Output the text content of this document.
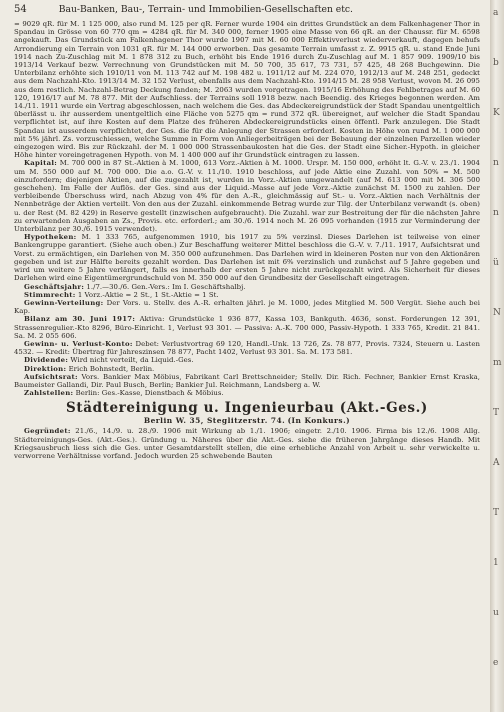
54	Bau-Banken, Bau-, Terrain- und Immobilien-Gesellschaften etc.

= 9029 qR. für M. 1 125 000, also rund M. 125 per qR. Ferner wurde 1904 ein drittes Grundstück an dem Falkenhagener Thor in Spandau in Grösse von 60 770 qm = 4284 qR. für M. 340 000, ferner 1905 eine Masse von 66 qR. an der Chaussr. für M. 6598 angekauft. Das Grundstück am Falkenhagener Thor wurde 1907 mit M. 60 000 Effektivverlust wiederverkauft, dagegen behufs Arrondierung ein Terrain von 1031 qR. für M. 144 000 erworben. Das gesamte Terrain umfasst z. Z. 9915 qR. u. stand Ende Juni 1914 nach Zu-Zuschlag mit M. 1 878 312 zu Buch, erhöht bis Ende 1916 durch Zu-Zuschlag auf M. 1 857 909. 1909/10 bis 1913/14 Verkauf bezw. Verrechnung von Grundstücken mit M. 50 700, 35 617, 73 731, 57 425, 48 268 Buchgewinn. Die Unterbilanz erhöhte sich 1910/11 von M. 113 742 auf M. 198 482 u. 1911/12 auf M. 224 070, 1912/13 auf M. 248 251, gedeckt aus dem Nachzahl-Kto. 1913/14 M. 32 152 Verlust, ebenfalls aus dem Nachzahl-Kto. 1914/15 M. 28 958 Verlust, wovon M. 26 095 aus dem restlich. Nachzahl-Betrag Deckung fanden; M. 2063 wurden vorgetragen. 1915/16 Erhöhung des Fehlbetrages auf M. 60 120, 1916/17 auf M. 78 877. Mit der Aufschliess. der Terrains soll 1918 bezw. nach Beendig. des Krieges begonnen werden. Am 14./11. 1911 wurde ein Vertrag abgeschlossen, nach welchem die Ges. das Abdeckereigrundstück der Stadt Spandau unentgeltlich überlässt u. ihr ausserdem unentgeltlich eine Fläche von 5275 qm = rund 372 qR. übereignet, auf welcher die Stadt Spandau verpflichtet ist, auf ihre Kosten auf dem Platze des früheren Abdeckereigrundstücks einen öffentl. Park anzulegen. Die Stadt Spandau ist ausserdem verpflichtet, der Ges. die für die Anlegung der Strassen erforderl. Kosten in Höhe von rund M. 1 000 000 mit 5% jährl. Zs. vorzuschiessen, welche Summe in Form von Anliegerbeiträgen bei der Bebauung der einzelnen Parzellen wieder eingezogen wird. Bis zur Rückzahl. der M. 1 000 000 Strassenbaukosten hat die Ges. der Stadt eine Sicher.-Hypoth. in gleicher Höhe hinter voreingetragenen Hypoth. von M. 1 400 000 auf ihr Grundstück eintragen zu lassen.

Kapital: M. 700 000 in 87 St.-Aktien à M. 1000, 613 Vorz.-Aktien à M. 1000. Urspr. M. 150 000, erhöht lt. G.-V. v. 23./1. 1904 um M. 550 000 auf M. 700 000. Die a.o. G.-V. v. 11./10. 1910 beschloss, auf jede Aktie eine Zuzahl. von 50% = M. 500 einzufordern; diejenigen Aktien, auf die zugezahlt ist, wurden in Vorz.-Aktien umgewandelt (auf M. 613 000 mit M. 306 500 geschehen). Im Falle der Auflös. der Ges. sind aus der Liquid.-Masse auf jede Vorz.-Aktie zunächst M. 1500 zu zahlen. Der verbleibende Überschuss wird, nach Abzug von 4% für den A.-R., gleichmässig auf St.- u. Vorz.-Aktien nach Verhältnis der Nennbeträge der Aktien verteilt. Von den aus der Zuzahl. einkommende Betrag wurde zur Tilg. der Unterbilanz verwandt (s. oben) u. der Rest (M. 82 429) in Reserve gestellt (inzwischen aufgebraucht). Die Zuzahl. war zur Bestreitung der für die nächsten Jahre zu erwartenden Ausgaben an Zs., Provis. etc. erforderl.; am 30./6. 1914 noch M. 26 095 vorhanden (1915 zur Verminderung der Unterbilanz per 30./6. 1915 verwendet).

Hypotheken: M. 1 333 765, aufgenommen 1910, bis 1917 zu 5% verzinsl. Dieses Darlehen ist teilweise von einer Bankengruppe garantiert. (Siehe auch oben.) Zur Beschaffung weiterer Mittel beschloss die G.-V. v. 7./11. 1917, Aufsichtsrat und Vorst. zu ermächtigen, ein Darlehen von M. 350 000 aufzunehmen. Das Darlehen wird in kleineren Posten nur von den Aktionären gegeben und ist zur Hälfte bereits gezahlt worden. Das Darlehen ist mit 6% verzinslich und zunächst auf 5 Jahre gegeben und wird um weitere 5 Jahre verlängert, falls es innerhalb der ersten 5 Jahre nicht zurückgezahlt wird. Als Sicherheit für dieses Darlehen wird eine Eigentümergrundschuld von M. 350 000 auf den Grundbesitz der Gesellschaft eingetragen.

Geschäftsjahr: 1./7.—30./6. Gen.-Vers.: Im I. Geschäftshalbj.

Stimmrecht: 1 Vorz.-Aktie = 2 St., 1 St.-Aktie = 1 St.

Gewinn-Verteilung: Der Vors. u. Stellv. des A.-R. erhalten jährl. je M. 1000, jedes Mitglied M. 500 Vergüt. Siehe auch bei Kap.

Bilanz am 30. Juni 1917: Aktiva: Grundstücke 1 936 877, Kassa 103, Bankguth. 4636, sonst. Forderungen 12 391, Strassenregulier.-Kto 8296, Büro-Einricht. 1, Verlust 93 301. — Passiva: A.-K. 700 000, Passiv-Hypoth. 1 333 765, Kredit. 21 841. Sa. M. 2 055 606.

Gewinn- u. Verlust-Konto: Debet: Verlustvortrag 69 120, Handl.-Unk. 13 726, Zs. 78 877, Provis. 7324, Steuern u. Lasten 4532. — Kredit: Übertrag für Jahreszinsen 78 877, Pacht 1402, Verlust 93 301. Sa. M. 173 581.

Dividende: Wird nicht verteilt, da Liquid.-Ges.

Direktion: Erich Bohnstedt, Berlin.

Aufsichtsrat: Vors. Bankier Max Möbius, Fabrikant Carl Brettschneider; Stellv. Dir. Rich. Fechner, Bankier Ernst Kraska, Baumeister Gallandi, Dir. Paul Busch, Berlin; Bankier Jul. Reichmann, Landsberg a. W.

Zahlstellen: Berlin: Ges.-Kasse, Dienstbach & Möbius.

Städtereinigung u. Ingenieurbau (Akt.-Ges.)
Berlin W. 35, Steglitzerstr. 74. (In Konkurs.)

Gegründet: 21./6., 14./9. u. 28./9. 1906 mit Wirkung ab 1./1. 1906; eingetr. 2./10. 1906. Firma bis 12./6. 1908 Allg. Städtereinigungs-Ges. (Akt.-Ges.). Gründung u. Näheres über die Akt.-Ges. siehe die früheren Jahrgänge dieses Handb. Mit Kriegsausbruch liess sich die Ges. unter Gesamtdarstellt stellen, die eine erhebliche Anzahl von Arbeit u. sehr verwickelte u. verworrene Verhältnisse vorfand. Jedoch wurden 25 schwebende Bauten

a
b
K
n
n
ü
N
m
T
A
T
1
u
e
